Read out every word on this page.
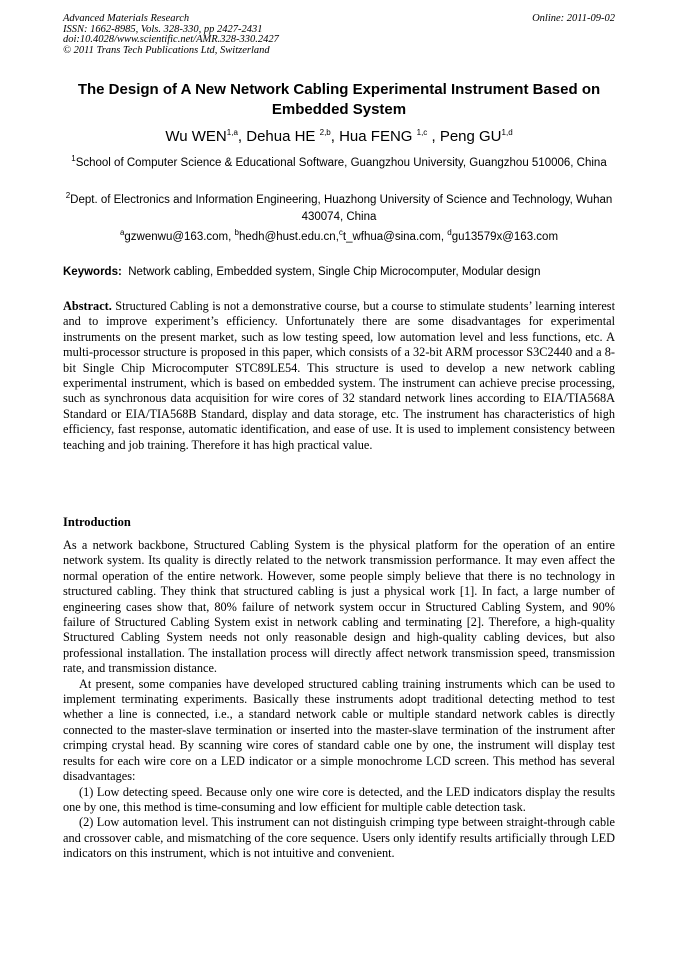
Advanced Materials Research
ISSN: 1662-8985, Vols. 328-330, pp 2427-2431
doi:10.4028/www.scientific.net/AMR.328-330.2427
© 2011 Trans Tech Publications Ltd, Switzerland
Online: 2011-09-02
The Design of A New Network Cabling Experimental Instrument Based on Embedded System
Wu WEN$^{1,a}$, Dehua HE $^{2,b}$, Hua FENG $^{1,c}$ , Peng GU$^{1,d}$
$^1$School of Computer Science & Educational Software, Guangzhou University, Guangzhou 510006, China
$^2$Dept. of Electronics and Information Engineering, Huazhong University of Science and Technology, Wuhan 430074, China
$^a$gzwenwu@163.com, $^b$hedh@hust.edu.cn,$^c$t_wfhua@sina.com, $^d$gu13579x@163.com
Keywords: Network cabling, Embedded system, Single Chip Microcomputer, Modular design
Abstract. Structured Cabling is not a demonstrative course, but a course to stimulate students’ learning interest and to improve experiment’s efficiency. Unfortunately there are some disadvantages for experimental instruments on the present market, such as low testing speed, low automation level and less functions, etc. A multi-processor structure is proposed in this paper, which consists of a 32-bit ARM processor S3C2440 and a 8-bit Single Chip Microcomputer STC89LE54. This structure is used to develop a new network cabling experimental instrument, which is based on embedded system. The instrument can achieve precise processing, such as synchronous data acquisition for wire cores of 32 standard network lines according to EIA/TIA568A Standard or EIA/TIA568B Standard, display and data storage, etc. The instrument has characteristics of high efficiency, fast response, automatic identification, and ease of use. It is used to implement consistency between teaching and job training. Therefore it has high practical value.
Introduction

As a network backbone, Structured Cabling System is the physical platform for the operation of an entire network system. Its quality is directly related to the network transmission performance. It may even affect the normal operation of the entire network. However, some people simply believe that there is no technology in structured cabling. They think that structured cabling is just a physical work [1]. In fact, a large number of engineering cases show that, 80% failure of network system occur in Structured Cabling System, and 90% failure of Structured Cabling System exist in network cabling and terminating [2]. Therefore, a high-quality Structured Cabling System needs not only reasonable design and high-quality cabling devices, but also professional installation. The installation process will directly affect network transmission speed, transmission rate, and transmission distance.

At present, some companies have developed structured cabling training instruments which can be used to implement terminating experiments. Basically these instruments adopt traditional detecting method to test whether a line is connected, i.e., a standard network cable or multiple standard network cables is directly connected to the master-slave termination or inserted into the master-slave termination of the instrument after crimping crystal head. By scanning wire cores of standard cable one by one, the instrument will display test results for each wire core on a LED indicator or a simple monochrome LCD screen. This method has several disadvantages:

(1) Low detecting speed. Because only one wire core is detected, and the LED indicators display the results one by one, this method is time-consuming and low efficient for multiple cable detection task.

(2) Low automation level. This instrument can not distinguish crimping type between straight-through cable and crossover cable, and mismatching of the core sequence. Users only identify results artificially through LED indicators on this instrument, which is not intuitive and convenient.
